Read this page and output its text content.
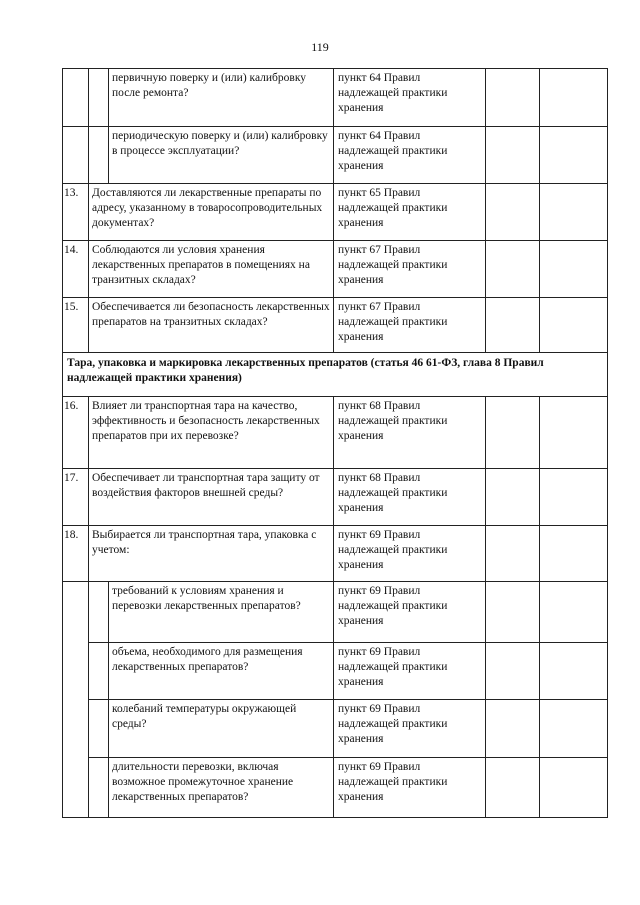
119
		первичную поверку и (или) калибровку после ремонта?	пункт 64 Правил надлежащей практики хранения		
		периодическую поверку и (или) калибровку в процессе эксплуатации?	пункт 64 Правил надлежащей практики хранения		
13.	Доставляются ли лекарственные препараты по адресу, указанному в товаросопроводительных документах?		пункт 65 Правил надлежащей практики хранения		
14.	Соблюдаются ли условия хранения лекарственных препаратов в помещениях на транзитных складах?		пункт 67 Правил надлежащей практики хранения		
15.	Обеспечивается ли безопасность лекарственных препаратов на транзитных складах?		пункт 67 Правил надлежащей практики хранения		
Тара, упаковка и маркировка лекарственных препаратов (статья 46 61-ФЗ, глава 8 Правил надлежащей практики хранения)					
16.	Влияет ли транспортная тара на качество, эффективность и безопасность лекарственных препаратов при их перевозке?		пункт 68 Правил надлежащей практики хранения		
17.	Обеспечивает ли транспортная тара защиту от воздействия факторов внешней среды?		пункт 68 Правил надлежащей практики хранения		
18.	Выбирается ли транспортная тара, упаковка с учетом:		пункт 69 Правил надлежащей практики хранения		
		требований к условиям хранения и перевозки лекарственных препаратов?	пункт 69 Правил надлежащей практики хранения		
		объема, необходимого для размещения лекарственных препаратов?	пункт 69 Правил надлежащей практики хранения		
		колебаний температуры окружающей среды?	пункт 69 Правил надлежащей практики хранения		
		длительности перевозки, включая возможное промежуточное хранение лекарственных препаратов?	пункт 69 Правил надлежащей практики хранения		
